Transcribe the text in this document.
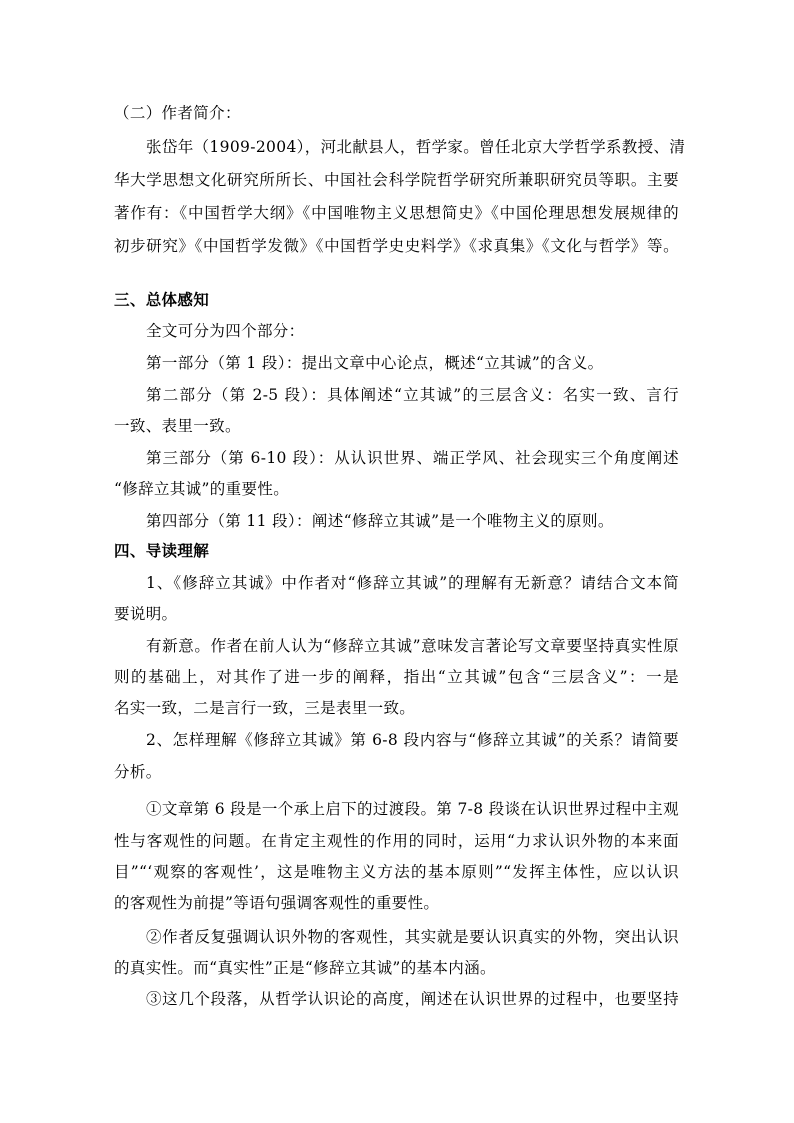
（二）作者简介：
张岱年（1909-2004），河北献县人，哲学家。曾任北京大学哲学系教授、清
华大学思想文化研究所所长、中国社会科学院哲学研究所兼职研究员等职。主要
著作有：《中国哲学大纲》《中国唯物主义思想简史》《中国伦理思想发展规律的
初步研究》《中国哲学发微》《中国哲学史史料学》《求真集》《文化与哲学》等。
三、总体感知
全文可分为四个部分：
第一部分（第 1 段）：提出文章中心论点，概述“立其诚”的含义。
第二部分（第 2-5 段）：具体阐述“立其诚”的三层含义：名实一致、言行
一致、表里一致。
第三部分（第 6-10 段）：从认识世界、端正学风、社会现实三个角度阐述
“修辞立其诚”的重要性。
第四部分（第 11 段）：阐述“修辞立其诚”是一个唯物主义的原则。
四、导读理解
1、《修辞立其诚》中作者对“修辞立其诚”的理解有无新意？请结合文本简
要说明。
有新意。作者在前人认为“修辞立其诚”意味发言著论写文章要坚持真实性原
则的基础上，对其作了进一步的阐释，指出“立其诚”包含“三层含义”：一是
名实一致，二是言行一致，三是表里一致。
2、怎样理解《修辞立其诚》第 6-8 段内容与“修辞立其诚”的关系？请简要
分析。
①文章第 6 段是一个承上启下的过渡段。第 7-8 段谈在认识世界过程中主观
性与客观性的问题。在肯定主观性的作用的同时，运用“力求认识外物的本来面
目”“‘观察的客观性’，这是唯物主义方法的基本原则”“发挥主体性，应以认识
的客观性为前提”等语句强调客观性的重要性。
②作者反复强调认识外物的客观性，其实就是要认识真实的外物，突出认识
的真实性。而“真实性”正是“修辞立其诚”的基本内涵。
③这几个段落，从哲学认识论的高度，阐述在认识世界的过程中，也要坚持
